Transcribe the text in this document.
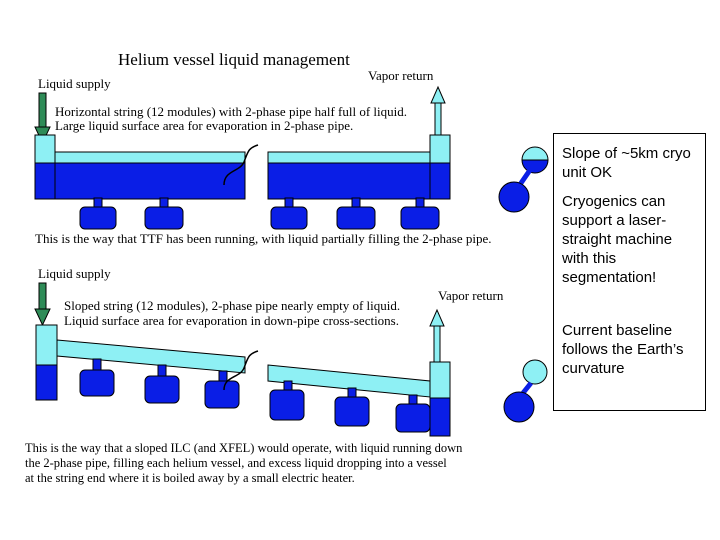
Helium vessel liquid management
Liquid supply
Vapor return
Horizontal string (12 modules) with 2-phase pipe half full of liquid.
Large liquid surface area for evaporation in 2-phase pipe.
This is the way that TTF has been running, with liquid partially filling the 2-phase pipe.
Liquid supply
Vapor return
Sloped string (12 modules), 2-phase pipe nearly empty of liquid.
Liquid surface area for evaporation in down-pipe cross-sections.
This is the way that a sloped ILC (and XFEL) would operate, with liquid running down
the 2-phase pipe, filling each helium vessel, and excess liquid dropping into a vessel
at the string end where it is boiled away by a small electric heater.

Slope of ~5km cryo unit OK

Cryogenics can support a laser-straight machine with this segmentation!

Current baseline follows the Earth’s curvature
